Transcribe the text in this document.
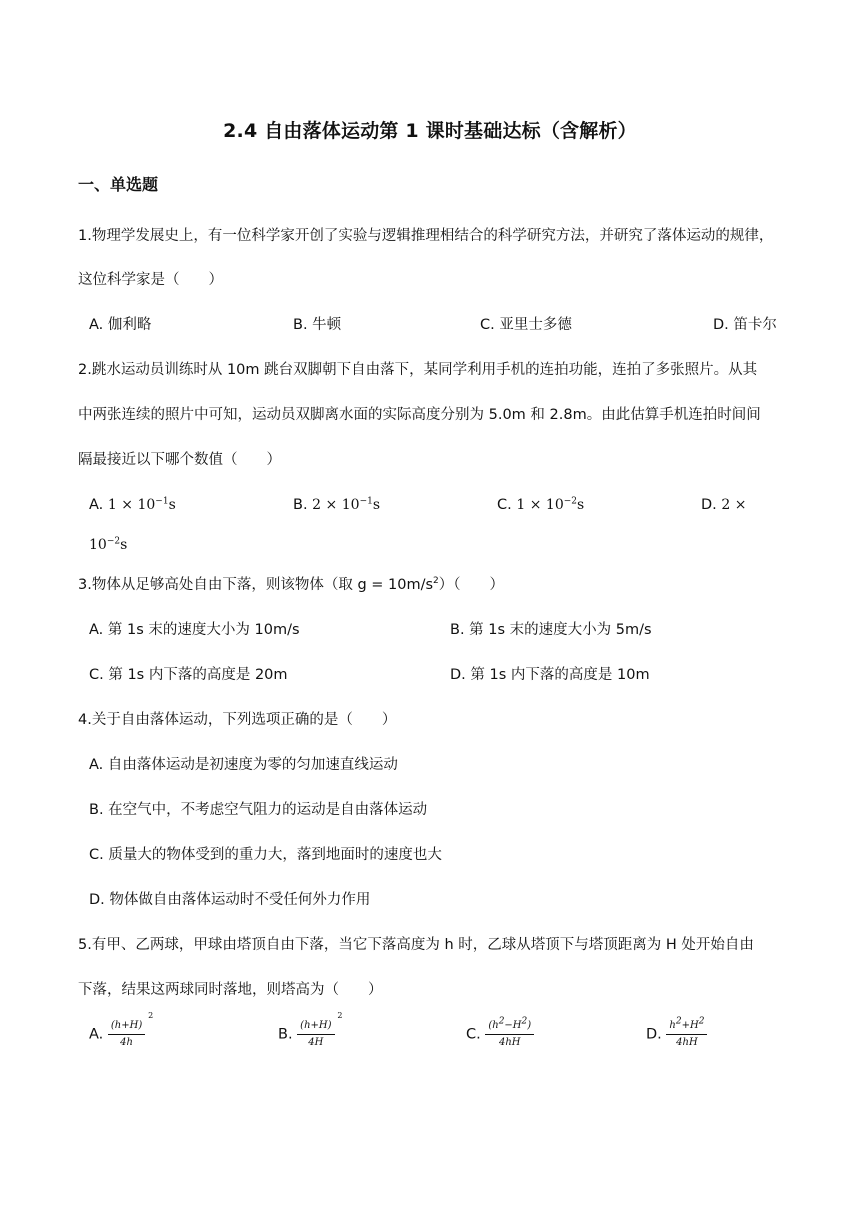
2.4 自由落体运动第 1 课时基础达标（含解析）
一、单选题
1.物理学发展史上，有一位科学家开创了实验与逻辑推理相结合的科学研究方法，并研究了落体运动的规律，
这位科学家是（　　）
A. 伽利略	B. 牛顿	C. 亚里士多德	D. 笛卡尔
2.跳水运动员训练时从 10m 跳台双脚朝下自由落下，某同学利用手机的连拍功能，连拍了多张照片。从其
中两张连续的照片中可知，运动员双脚离水面的实际高度分别为 5.0m 和 2.8m。由此估算手机连拍时间间
隔最接近以下哪个数值（　　）
A. $1 \times 10^{-1}s$	B. $2 \times 10^{-1}s$	C. $1 \times 10^{-2}s$	D. 2 ×
$10^{-2}s$
3.物体从足够高处自由下落，则该物体（取 $g = 10m/s^2$）（　　）
A. 第 1s 末的速度大小为 10m/s	B. 第 1s 末的速度大小为 5m/s
C. 第 1s 内下落的高度是 20m	D. 第 1s 内下落的高度是 10m
4.关于自由落体运动，下列选项正确的是（　　）
A. 自由落体运动是初速度为零的匀加速直线运动
B. 在空气中，不考虑空气阻力的运动是自由落体运动
C. 质量大的物体受到的重力大，落到地面时的速度也大
D. 物体做自由落体运动时不受任何外力作用
5.有甲、乙两球，甲球由塔顶自由下落，当它下落高度为 h 时，乙球从塔顶下与塔顶距离为 H 处开始自由
下落，结果这两球同时落地，则塔高为（　　）
A. (h+H)
2
4h	B. (h+H)
2
4H	C. $\frac{(h^2-H^2)}{4hH}$	D. $\frac{h^2+H^2}{4hH}$
